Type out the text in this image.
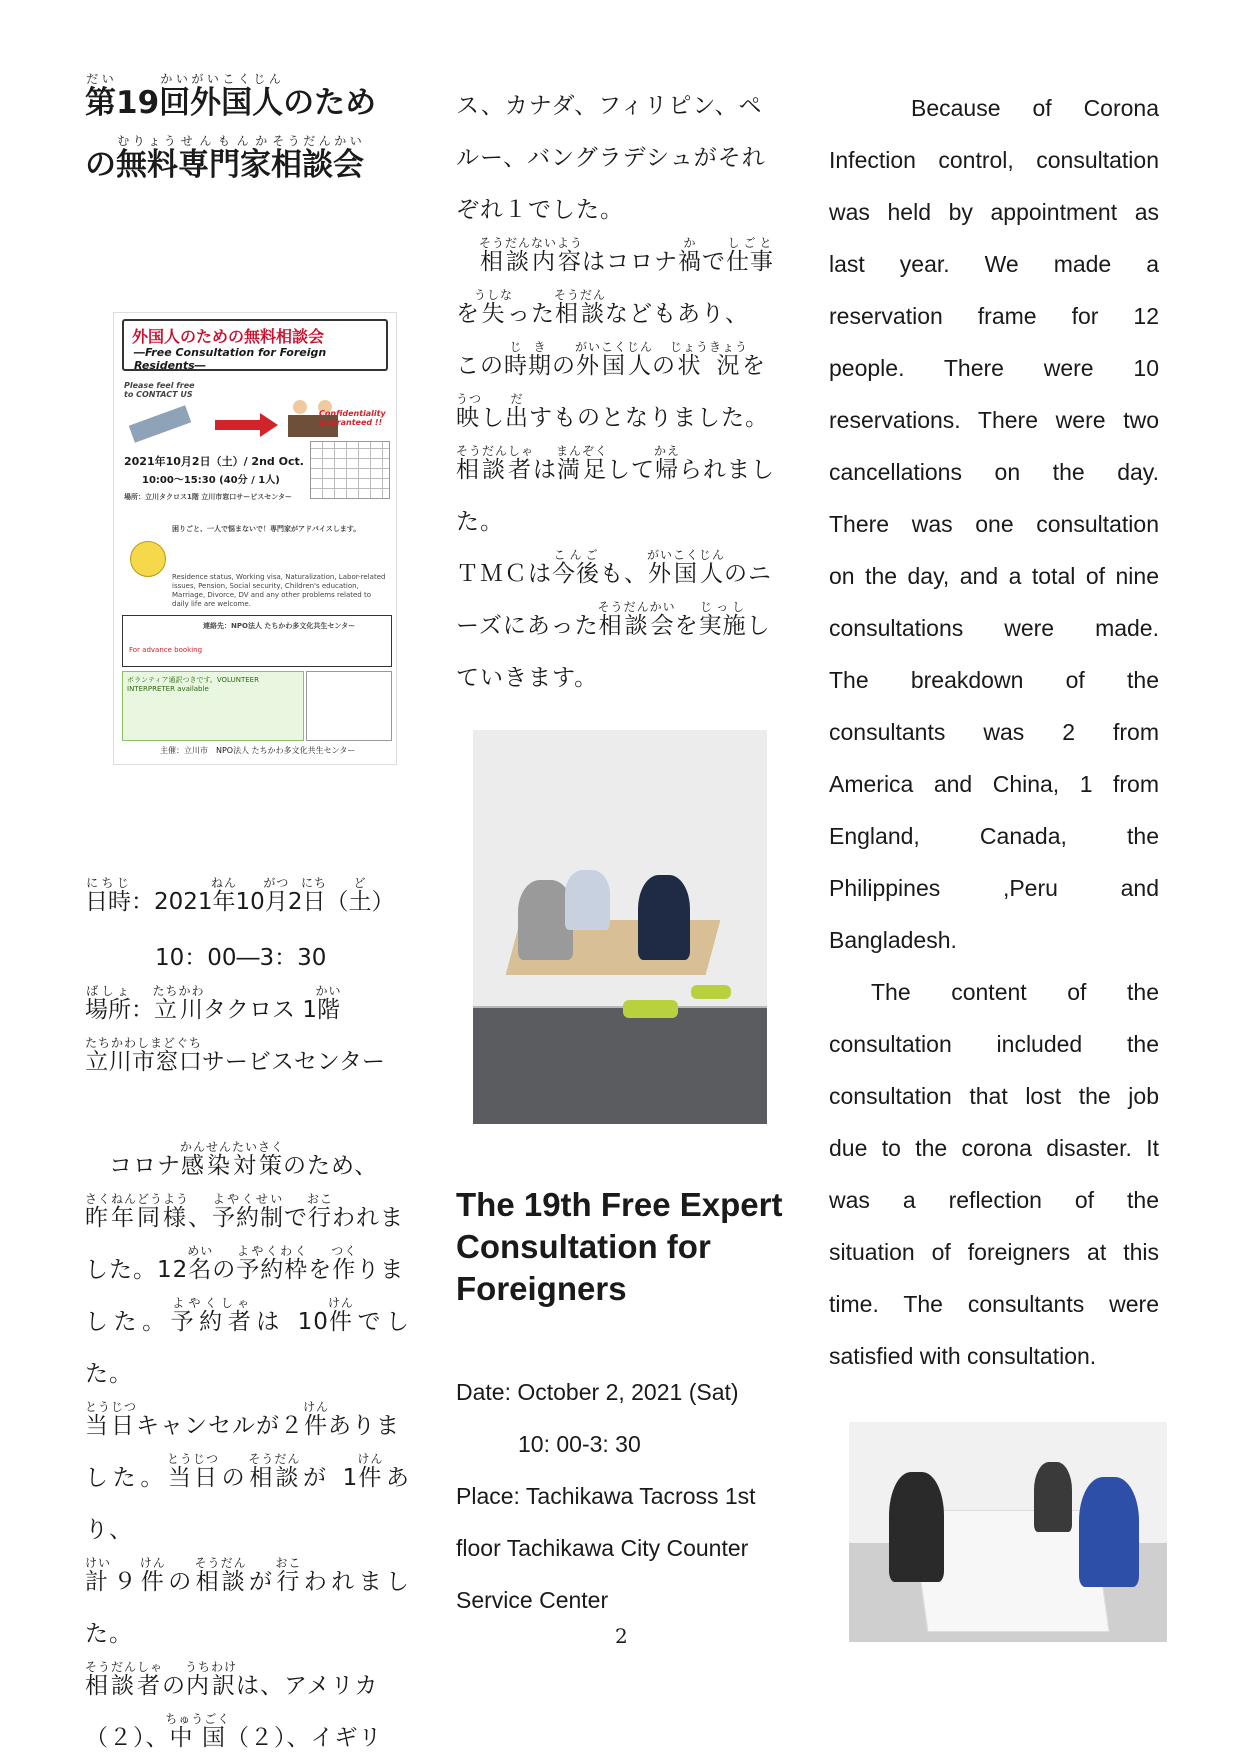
第だい19回かい外国人がいこくじんのため
の無料むりょう専門家せんもんか相談会そうだんかい
外国人のための無料相談会
―Free Consultation for Foreign Residents―
Please feel free to CONTACT US
Confidentiality Guaranteed !!
2021年10月2日（土）/ 2nd Oct.
10:00～15:30 (40分 / 1人)
場所：立川タクロス1階 立川市窓口サービスセンター
困りごと、一人で悩まないで！専門家がアドバイスします。
Residence status, Working visa, Naturalization, Labor-related issues, Pension, Social security, Children's education, Marriage, Divorce, DV and any other problems related to daily life are welcome.
連絡先：NPO法人 たちかわ多文化共生センター
For advance booking
ボランティア通訳つきです。VOLUNTEER INTERPRETER available
主催：立川市　NPO法人 たちかわ多文化共生センター
日時にちじ：2021年ねん10月がつ2日にち（土ど）
10：00―3：30
場所ばしょ：立川たちかわタクロス 1階かい
立川市窓口たちかわしまどぐちサービスセンター
　コロナ感染対策かんせんたいさくのため、
昨年同様さくねんどうよう、予約制よやくせいで行おこわれま
した。12名めいの予約枠よやくわくを作つくりま
した。予約者よやくしゃは 10件けんでした。
当日とうじつキャンセルが２件けんありま
した。当日とうじつの相談そうだんが 1件けんあり、
計けい９件けんの相談そうだんが行おこわれました。
相談者そうだんしゃの内訳うちわけは、アメリカ
（２）、中国ちゅうごく（２）、イギリ
ス、カナダ、フィリピン、ペ
ルー、バングラデシュがそれ
ぞれ１でした。
　相談内容そうだんないようはコロナ禍かで仕事しごと
を失うしなった相談そうだんなどもあり、
この時期じきの外国人がいこくじんの状況じょうきょうを
映うつし出だすものとなりました。
相談者そうだんしゃは満足まんぞくして帰かえられまし
た。
ＴＭＣは今後こんごも、外国人がいこくじんのニ
ーズにあった相談会そうだんかいを実施じっしし
ていきます。
The 19th Free Expert Consultation for Foreigners
Date: October 2, 2021 (Sat)
10: 00-3: 30
Place: Tachikawa Tacross 1st
floor Tachikawa City Counter
Service Center
2
Because of Corona
Infection control, consultation
was held by appointment as
last year. We made a
reservation frame for 12
people. There were 10
reservations. There were two
cancellations on the day.
There was one consultation
on the day, and a total of nine
consultations were made.
The breakdown of the
consultants was 2 from
America and China, 1 from
England, Canada, the
Philippines ,Peru and
Bangladesh.
The content of the
consultation included the
consultation that lost the job
due to the corona disaster. It
was a reflection of the
situation of foreigners at this
time. The consultants were
satisfied with consultation.
